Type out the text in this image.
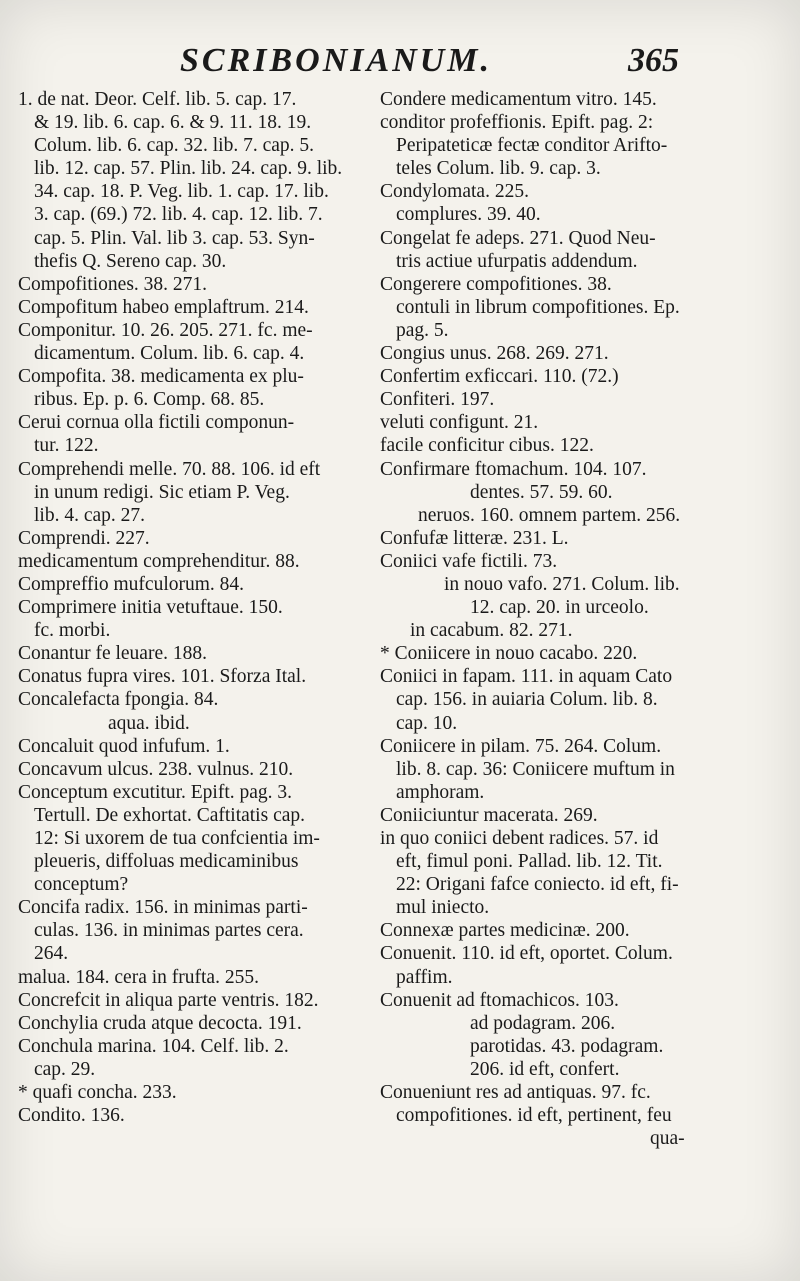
SCRIBONIANUM.	365
1. de nat. Deor. Celf. lib. 5. cap. 17.
& 19. lib. 6. cap. 6. & 9. 11. 18. 19.
Colum. lib. 6. cap. 32. lib. 7. cap. 5.
lib. 12. cap. 57. Plin. lib. 24. cap. 9. lib.
34. cap. 18. P. Veg. lib. 1. cap. 17. lib.
3. cap. (69.) 72. lib. 4. cap. 12. lib. 7.
cap. 5. Plin. Val. lib 3. cap. 53. Syn-
thefis Q. Sereno cap. 30.
Compofitiones. 38. 271.
Compofitum habeo emplaftrum. 214.
Componitur. 10. 26. 205. 271. fc. me-
dicamentum. Colum. lib. 6. cap. 4.
Compofita. 38. medicamenta ex plu-
ribus. Ep. p. 6. Comp. 68. 85.
Cerui cornua olla fictili componun-
tur. 122.
Comprehendi melle. 70. 88. 106. id eft
in unum redigi. Sic etiam P. Veg.
lib. 4. cap. 27.
Comprendi. 227.
medicamentum comprehenditur. 88.
Compreffio mufculorum. 84.
Comprimere initia vetuftaue. 150.
fc. morbi.
Conantur fe leuare. 188.
Conatus fupra vires. 101. Sforza Ital.
Concalefacta fpongia. 84.
aqua. ibid.
Concaluit quod infufum. 1.
Concavum ulcus. 238. vulnus. 210.
Conceptum excutitur. Epift. pag. 3.
Tertull. De exhortat. Caftitatis cap.
12: Si uxorem de tua confcientia im-
pleueris, diffoluas medicaminibus
conceptum?
Concifa radix. 156. in minimas parti-
culas. 136. in minimas partes cera.
264.
malua. 184. cera in frufta. 255.
Concrefcit in aliqua parte ventris. 182.
Conchylia cruda atque decocta. 191.
Conchula marina. 104. Celf. lib. 2.
cap. 29.
* quafi concha. 233.
Condito. 136.
Condere medicamentum vitro. 145.
conditor profeffionis. Epift. pag. 2:
Peripateticæ fectæ conditor Arifto-
teles Colum. lib. 9. cap. 3.
Condylomata. 225.
complures. 39. 40.
Congelat fe adeps. 271. Quod Neu-
tris actiue ufurpatis addendum.
Congerere compofitiones. 38.
contuli in librum compofitiones. Ep.
pag. 5.
Congius unus. 268. 269. 271.
Confertim exficcari. 110. (72.)
Confiteri. 197.
veluti configunt. 21.
facile conficitur cibus. 122.
Confirmare ftomachum. 104. 107.
dentes. 57. 59. 60.
neruos. 160. omnem partem. 256.
Confufæ litteræ. 231. L.
Coniici vafe fictili. 73.
in nouo vafo. 271. Colum. lib.
12. cap. 20. in urceolo.
in cacabum. 82. 271.
* Coniicere in nouo cacabo. 220.
Coniici in fapam. 111. in aquam Cato
cap. 156. in auiaria Colum. lib. 8.
cap. 10.
Coniicere in pilam. 75. 264. Colum.
lib. 8. cap. 36: Coniicere muftum in
amphoram.
Coniiciuntur macerata. 269.
in quo coniici debent radices. 57. id
eft, fimul poni. Pallad. lib. 12. Tit.
22: Origani fafce coniecto. id eft, fi-
mul iniecto.
Connexæ partes medicinæ. 200.
Conuenit. 110. id eft, oportet. Colum.
paffim.
Conuenit ad ftomachicos. 103.
ad podagram. 206.
parotidas. 43. podagram.
206. id eft, confert.
Conueniunt res ad antiquas. 97. fc.
compofitiones. id eft, pertinent, feu
qua-
